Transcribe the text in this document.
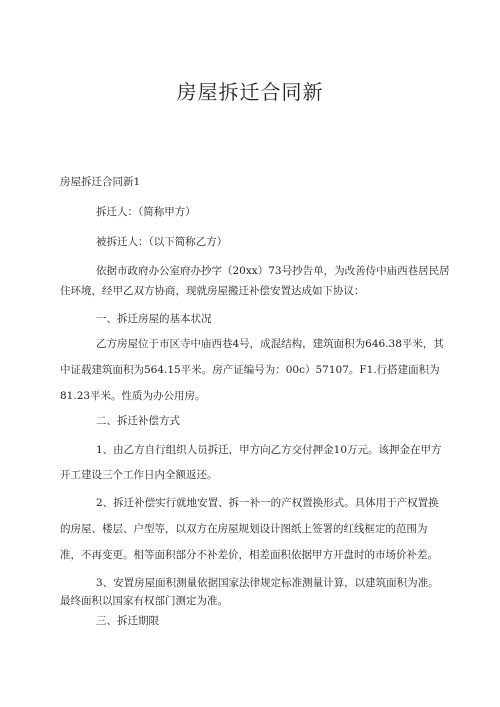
房屋拆迁合同新
房屋拆迁合同新1
拆迁人：（简称甲方）
被拆迁人：（以下简称乙方）
依据市政府办公室府办抄字（20xx）73号抄告单，为改善侍中庙西巷居民居
住环境，经甲乙双方协商，现就房屋搬迁补偿安置达成如下协议：
一、拆迁房屋的基本状况
乙方房屋位于市区寺中庙西巷4号，成混结构，建筑面积为646.38平米，其
中证载建筑面积为564.15平米。房产证编号为：00c）57107。F1.行搭建面积为
81.23平米。性质为办公用房。
二、拆迁补偿方式
1、由乙方自行组织人员拆迁，甲方向乙方交付押金10万元。该押金在甲方
开工建设三个工作日内全额返还。
2、拆迁补偿实行就地安置、拆一补一的产权置换形式。具体用于产权置换
的房屋、楼层、户型等，以双方在房屋规划设计图纸上签署的红线框定的范围为
准，不再变更。相等面积部分不补差价，相差面积依据甲方开盘时的市场价补差。
3、安置房屋面积测量依据国家法律规定标准测量计算，以建筑面积为准。
最终面积以国家有权部门测定为准。
三、拆迁期限
